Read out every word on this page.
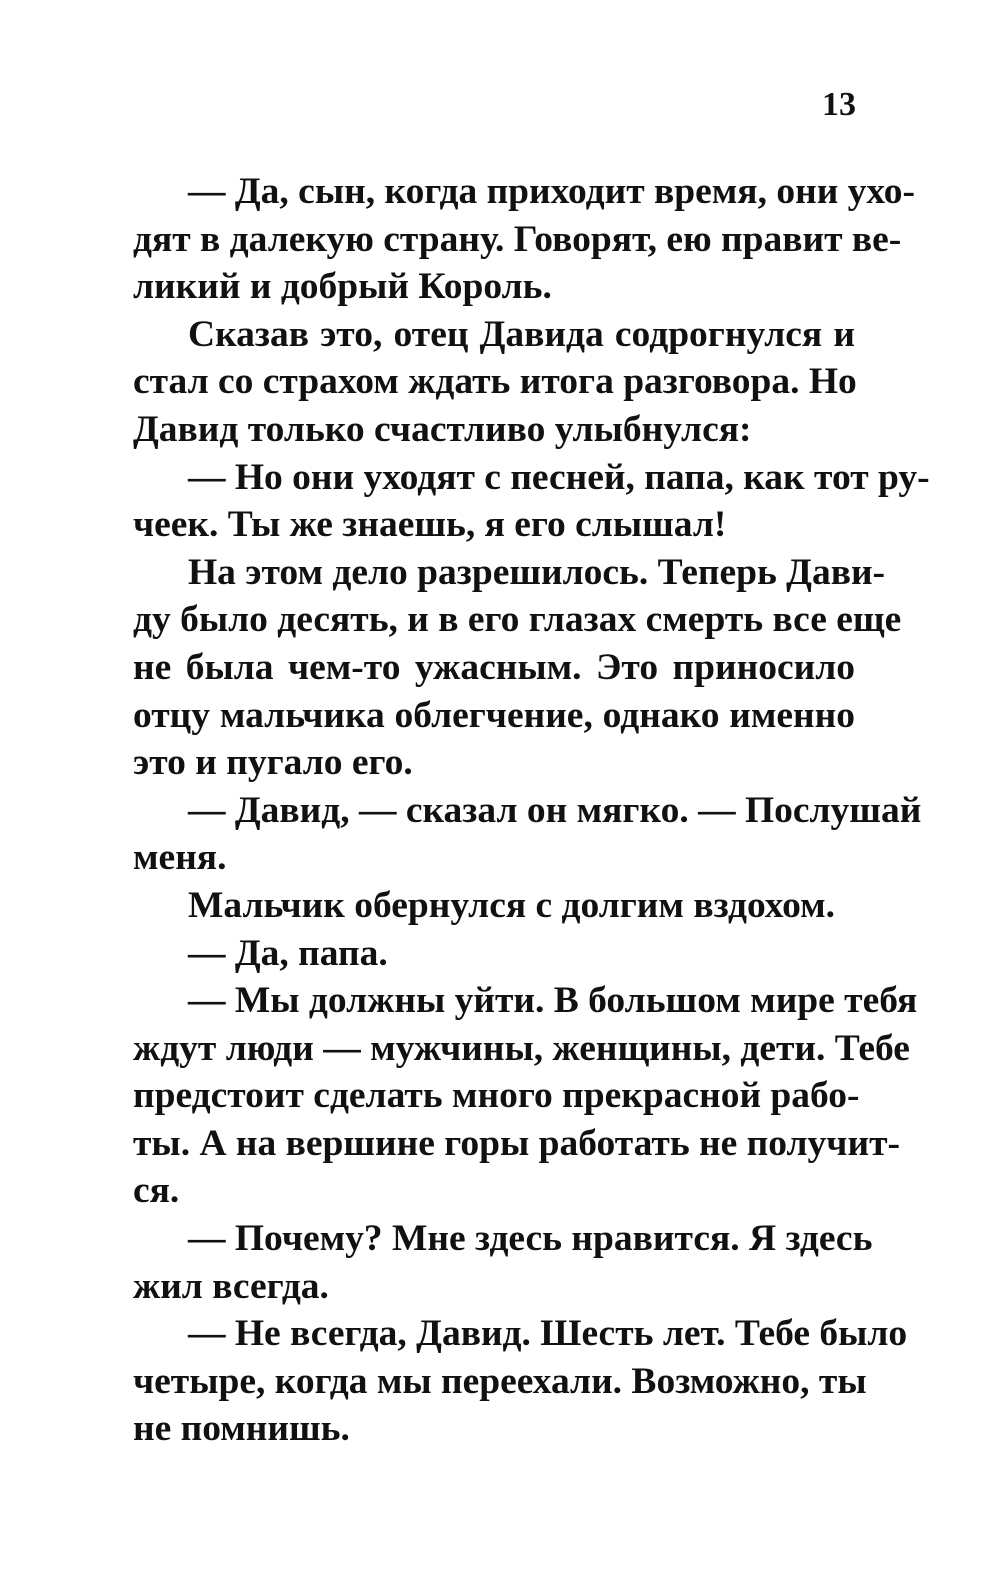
13
— Да, сын, когда приходит время, они ухо-
дят в далекую страну. Говорят, ею правит ве-
ликий и добрый Король.
Сказав это, отец Давида содрогнулся и
стал со страхом ждать итога разговора. Но
Давид только счастливо улыбнулся:
— Но они уходят с песней, папа, как тот ру-
чеек. Ты же знаешь, я его слышал!
На этом дело разрешилось. Теперь Дави-
ду было десять, и в его глазах смерть все еще
не была чем-то ужасным. Это приносило
отцу мальчика облегчение, однако именно
это и пугало его.
— Давид, — сказал он мягко. — Послушай
меня.
Мальчик обернулся с долгим вздохом.
— Да, папа.
— Мы должны уйти. В большом мире тебя
ждут люди — мужчины, женщины, дети. Тебе
предстоит сделать много прекрасной рабо-
ты. А на вершине горы работать не получит-
ся.
— Почему? Мне здесь нравится. Я здесь
жил всегда.
— Не всегда, Давид. Шесть лет. Тебе было
четыре, когда мы переехали. Возможно, ты
не помнишь.
